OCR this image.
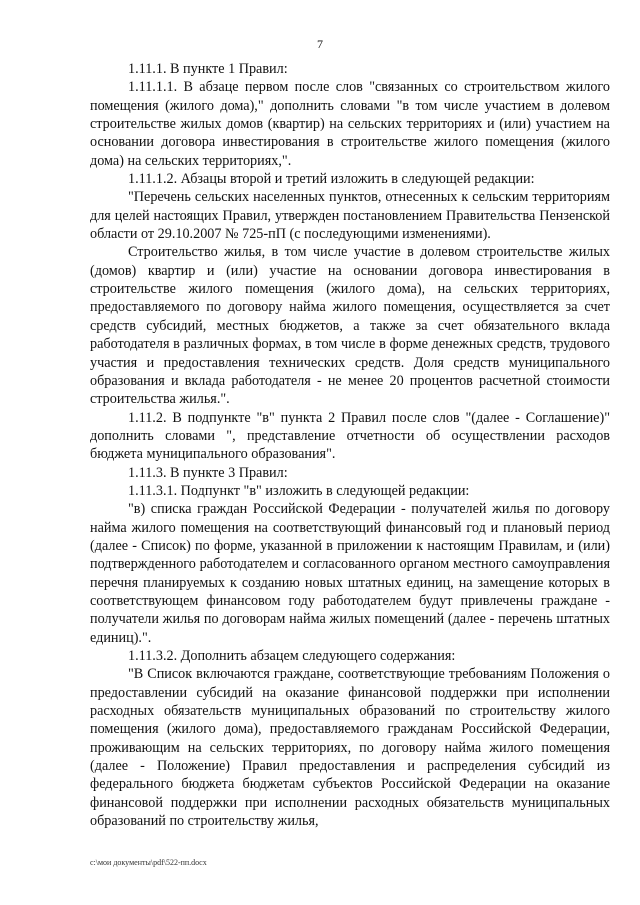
7

1.11.1. В пункте 1 Правил:

1.11.1.1. В абзаце первом после слов "связанных со строительством жилого помещения (жилого дома)," дополнить словами "в том числе участием в долевом строительстве жилых домов (квартир) на сельских территориях и (или) участием на основании договора инвестирования в строительстве жилого помещения (жилого дома) на сельских территориях,".

1.11.1.2. Абзацы второй и третий изложить в следующей редакции:

"Перечень сельских населенных пунктов, отнесенных к сельским территориям для целей настоящих Правил, утвержден постановлением Правительства Пензенской области от 29.10.2007 № 725-пП (с последующими изменениями).

Строительство жилья, в том числе участие в долевом строительстве жилых (домов) квартир и (или) участие на основании договора инвестирования в строительстве жилого помещения (жилого дома), на сельских территориях, предоставляемого по договору найма жилого помещения, осуществляется за счет средств субсидий, местных бюджетов, а также за счет обязательного вклада работодателя в различных формах, в том числе в форме денежных средств, трудового участия и предоставления технических средств. Доля средств муниципального образования и вклада работодателя - не менее 20 процентов расчетной стоимости строительства жилья.".

1.11.2. В подпункте "в" пункта 2 Правил после слов "(далее - Соглашение)" дополнить словами ", представление отчетности об осуществлении расходов бюджета муниципального образования".

1.11.3. В пункте 3 Правил:

1.11.3.1. Подпункт "в" изложить в следующей редакции:

"в) списка граждан Российской Федерации - получателей жилья по договору найма жилого помещения на соответствующий финансовый год и плановый период (далее - Список) по форме, указанной в приложении к настоящим Правилам, и (или) подтвержденного работодателем и согласованного органом местного самоуправления перечня планируемых к созданию новых штатных единиц, на замещение которых в соответствующем финансовом году работодателем будут привлечены граждане - получатели жилья по договорам найма жилых помещений (далее - перечень штатных единиц).".

1.11.3.2. Дополнить абзацем следующего содержания:

"В Список включаются граждане, соответствующие требованиям Положения о предоставлении субсидий на оказание финансовой поддержки при исполнении расходных обязательств муниципальных образований по строительству жилого помещения (жилого дома), предоставляемого гражданам Российской Федерации, проживающим на сельских территориях, по договору найма жилого помещения (далее - Положение) Правил предоставления и распределения субсидий из федерального бюджета бюджетам субъектов Российской Федерации на оказание финансовой поддержки при исполнении расходных обязательств муниципальных образований по строительству жилья,

c:\мои документы\pdf\522-пп.docx
